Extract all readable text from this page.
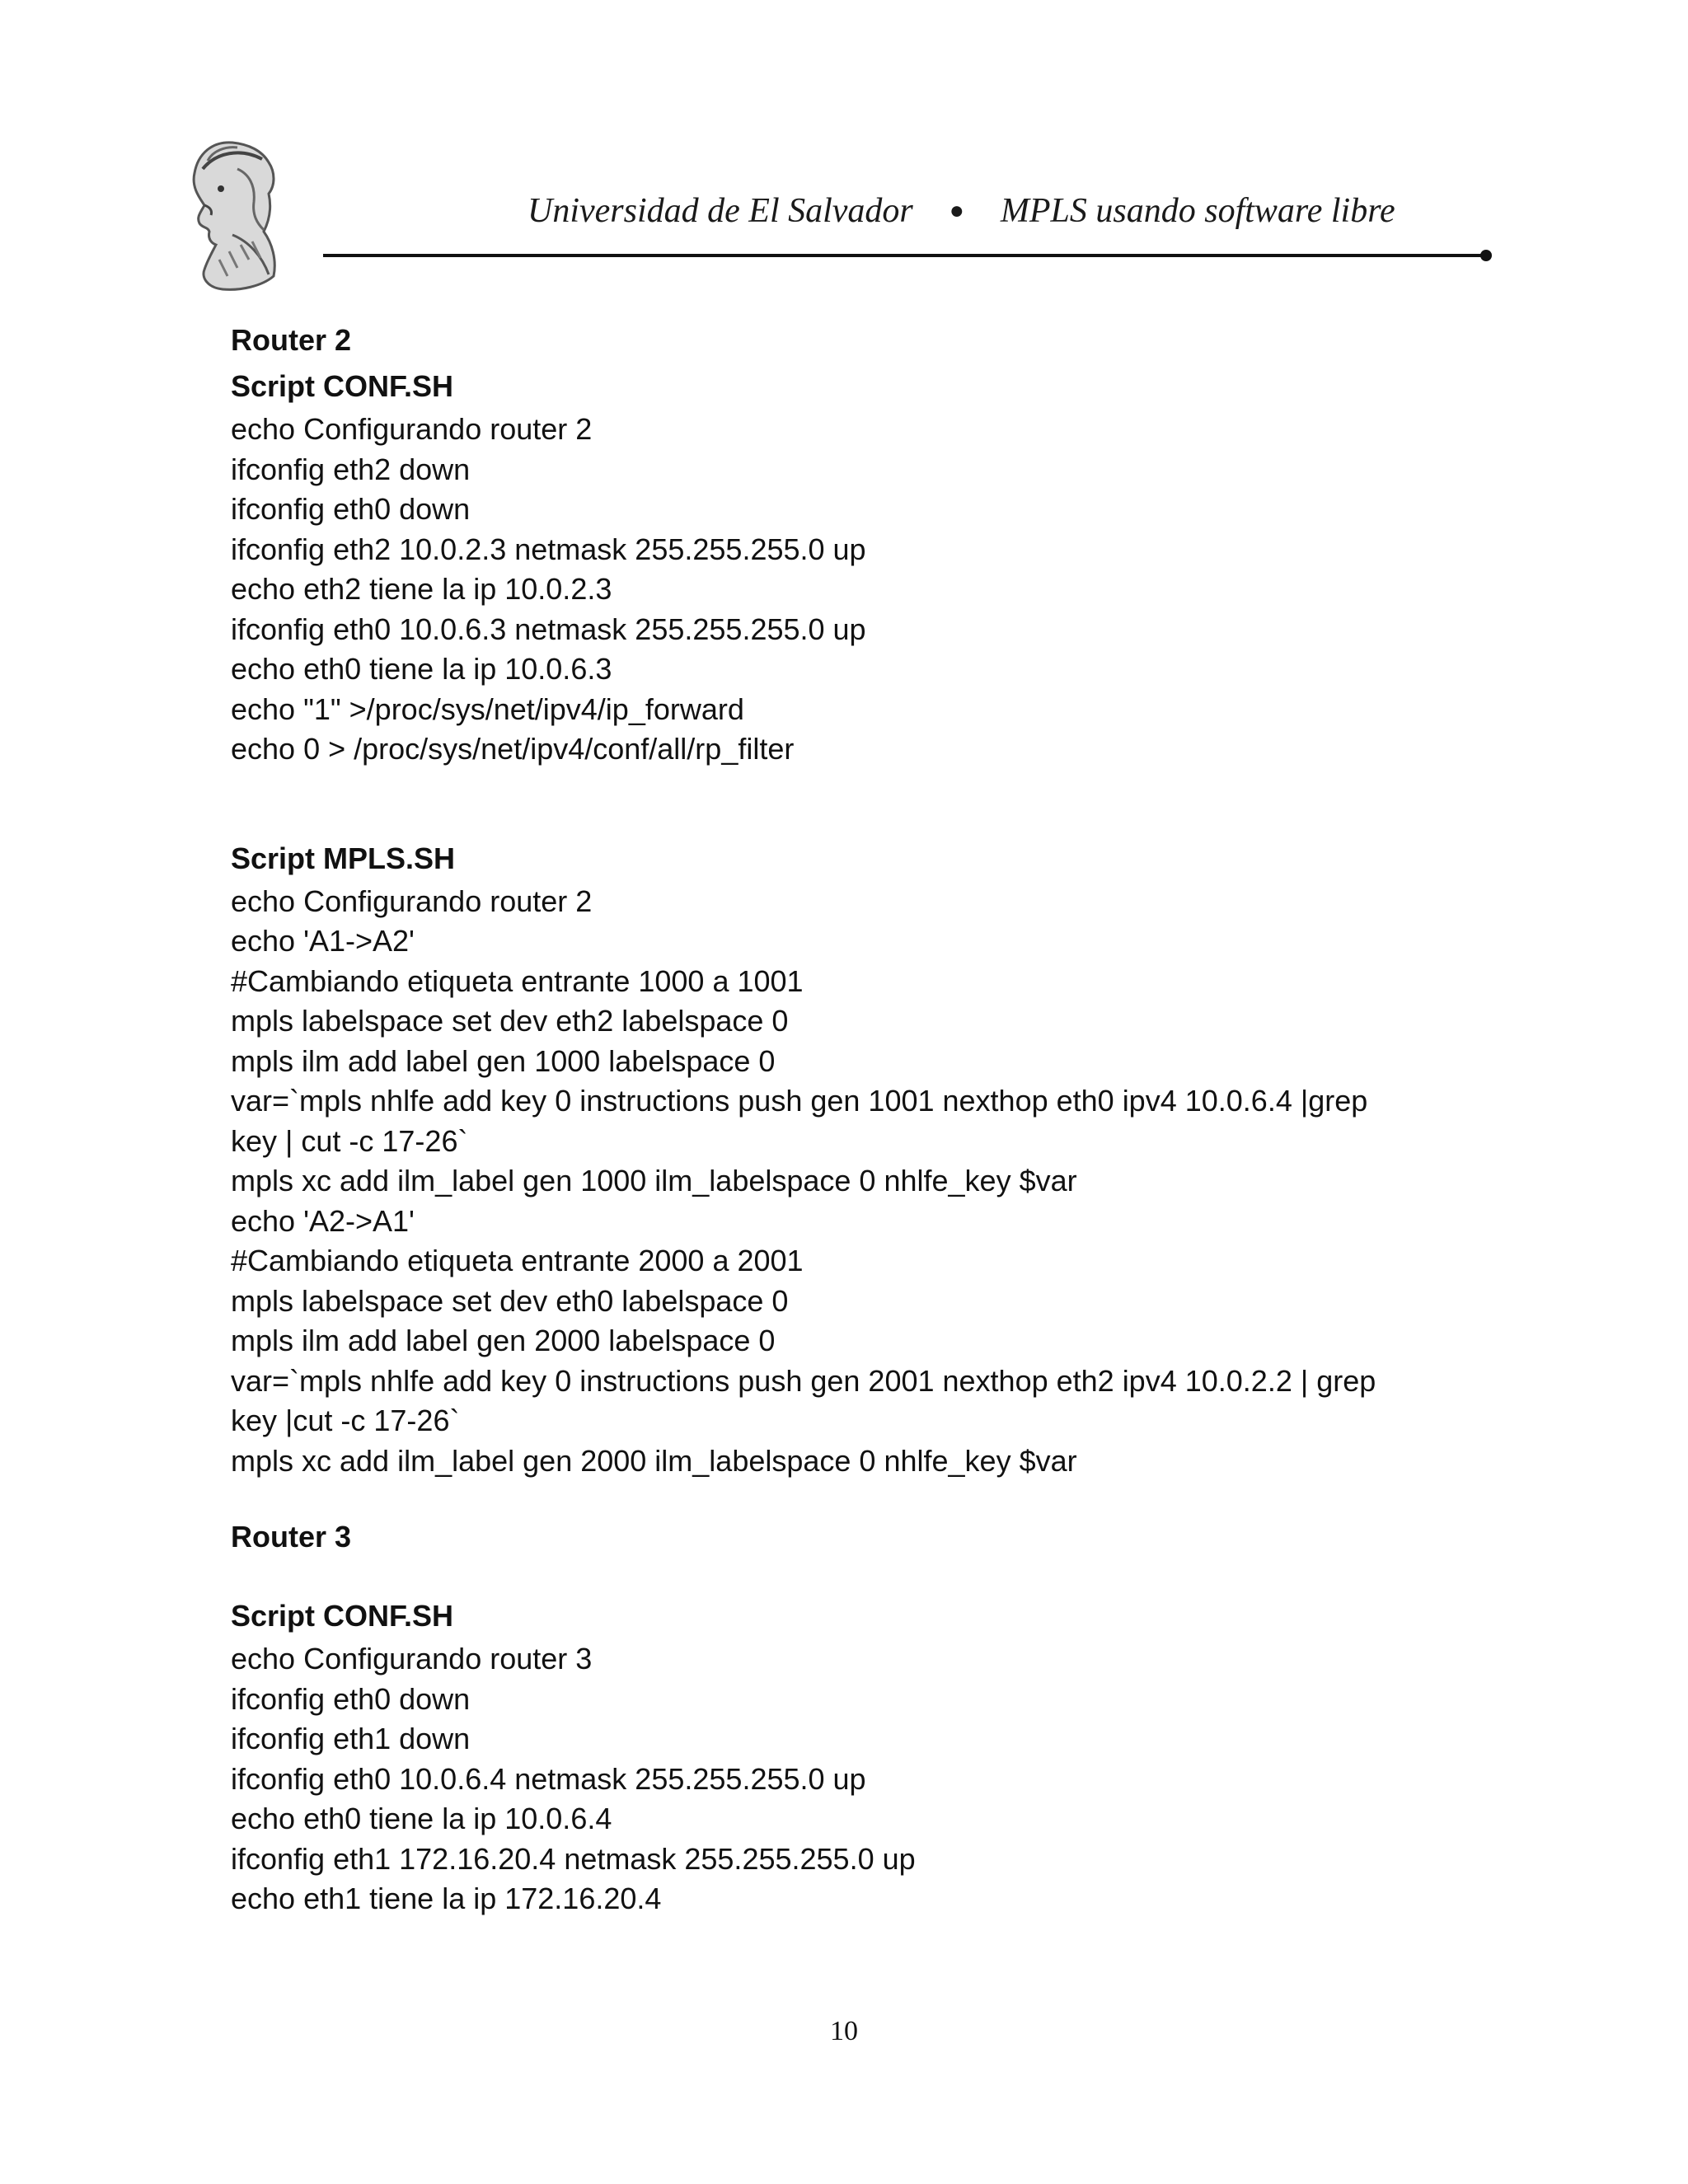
Universidad de El Salvador ● MPLS usando software libre
Router 2
Script CONF.SH
echo Configurando router 2
ifconfig eth2 down
ifconfig eth0 down
ifconfig eth2 10.0.2.3 netmask 255.255.255.0 up
echo eth2 tiene la ip 10.0.2.3
ifconfig eth0 10.0.6.3 netmask 255.255.255.0 up
echo eth0 tiene la ip 10.0.6.3
echo "1" >/proc/sys/net/ipv4/ip_forward
echo 0 > /proc/sys/net/ipv4/conf/all/rp_filter
Script MPLS.SH
echo Configurando router 2
echo 'A1->A2'
#Cambiando etiqueta entrante 1000 a 1001
mpls labelspace set dev eth2 labelspace 0
mpls ilm add label gen 1000 labelspace 0
var=`mpls nhlfe add key 0 instructions push gen 1001 nexthop eth0 ipv4 10.0.6.4 |grep
key | cut -c 17-26`
mpls xc add ilm_label gen 1000 ilm_labelspace 0 nhlfe_key $var
echo 'A2->A1'
#Cambiando etiqueta entrante 2000 a 2001
mpls labelspace set dev eth0 labelspace 0
mpls ilm add label gen 2000 labelspace 0
var=`mpls nhlfe add key 0 instructions push gen 2001 nexthop eth2 ipv4 10.0.2.2 | grep
key |cut -c 17-26`
mpls xc add ilm_label gen 2000 ilm_labelspace 0 nhlfe_key $var
Router 3
Script CONF.SH
echo Configurando router 3
ifconfig eth0 down
ifconfig eth1 down
ifconfig eth0 10.0.6.4 netmask 255.255.255.0 up
echo eth0 tiene la ip 10.0.6.4
ifconfig eth1 172.16.20.4 netmask 255.255.255.0 up
echo eth1 tiene la ip 172.16.20.4
10
